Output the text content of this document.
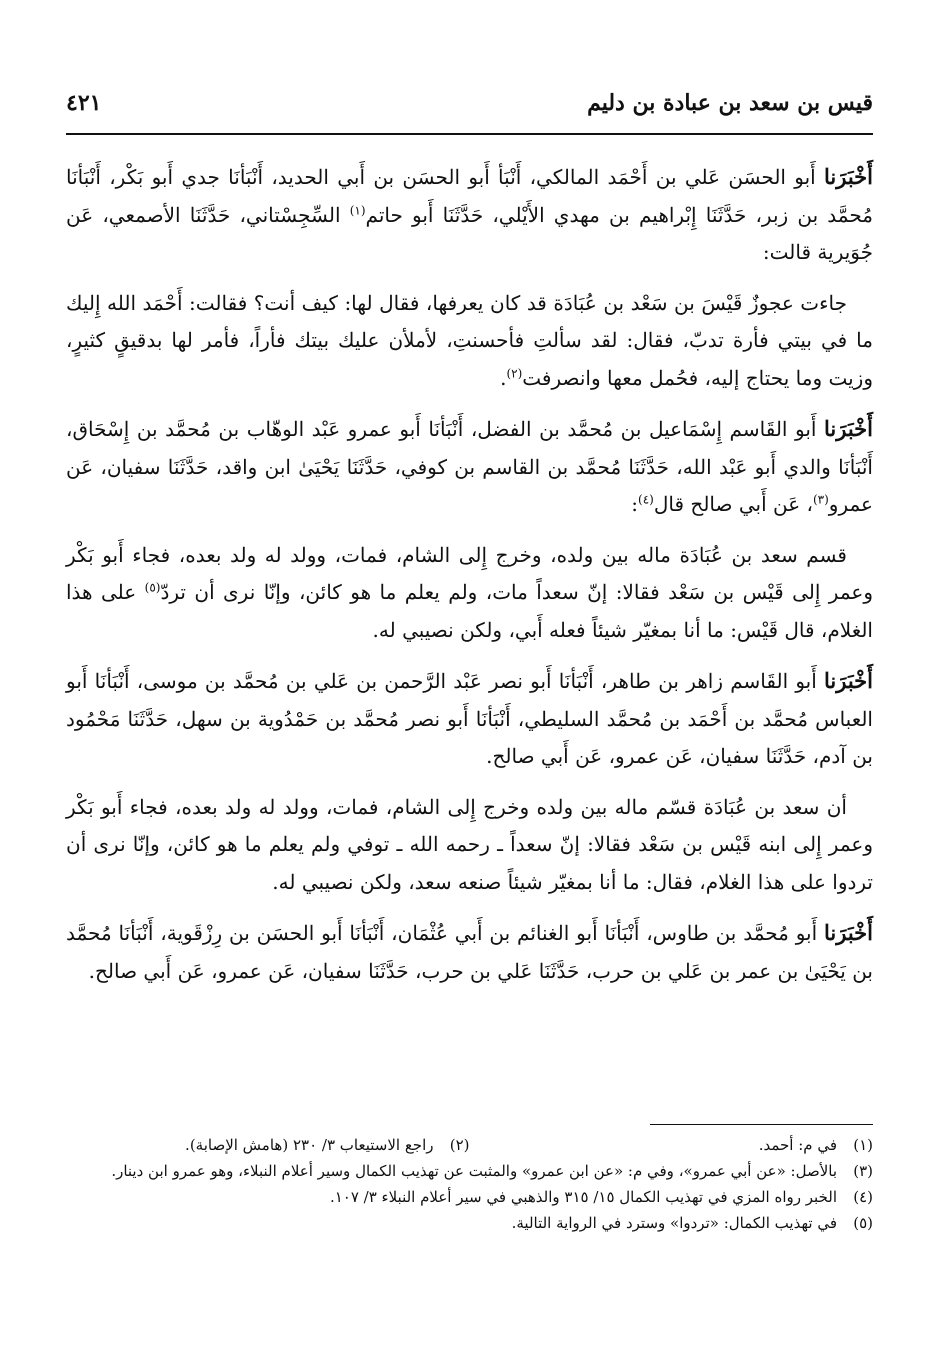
قيس بن سعد بن عبادة بن دليم
٤٢١

أَخْبَرَنا أَبو الحسَن عَلي بن أَحْمَد المالكي، أَنْبَأ أَبو الحسَن بن أَبي الحديد، أَنْبَأنَا جدي أَبو بَكْر، أَنْبَأنَا مُحمَّد بن زبر، حَدَّثَنَا إِبْراهيم بن مهدي الأَيْلي، حَدَّثَنَا أَبو حاتم$^{(١)}$ السِّجِسْتاني، حَدَّثَنَا الأصمعي، عَن جُوَيرية قالت:

جاءت عجوزٌ قَيْسَ بن سَعْد بن عُبَادَة قد كان يعرفها، فقال لها: كيف أنت؟ فقالت: أَحْمَد الله إِليك ما في بيتي فأرة تدبّ، فقال: لقد سألتِ فأحسنتِ، لأملأن عليك بيتك فأراً، فأمر لها بدقيقٍ كثيرٍ، وزيت وما يحتاج إليه، فحُمل معها وانصرفت$^{(٢)}$.

أَخْبَرَنا أَبو القَاسم إِسْمَاعيل بن مُحمَّد بن الفضل، أَنْبَأنَا أَبو عمرو عَبْد الوهّاب بن مُحمَّد بن إِسْحَاق، أَنْبَأنَا والدي أَبو عَبْد الله، حَدَّثَنَا مُحمَّد بن القاسم بن كوفي، حَدَّثَنَا يَحْيَىٰ ابن واقد، حَدَّثَنَا سفيان، عَن عمرو$^{(٣)}$، عَن أَبي صالح قال$^{(٤)}$:

قسم سعد بن عُبَادَة ماله بين ولده، وخرج إِلى الشام، فمات، وولد له ولد بعده، فجاء أَبو بَكْر وعمر إِلى قَيْس بن سَعْد فقالا: إنّ سعداً مات، ولم يعلم ما هو كائن، وإنّا نرى أن تردّ$^{(٥)}$ على هذا الغلام، قال قَيْس: ما أنا بمغيّر شيئاً فعله أَبي، ولكن نصيبي له.

أَخْبَرَنا أَبو القَاسم زاهر بن طاهر، أَنْبَأنَا أَبو نصر عَبْد الرَّحمن بن عَلي بن مُحمَّد بن موسى، أَنْبَأنَا أَبو العباس مُحمَّد بن أَحْمَد بن مُحمَّد السليطي، أَنْبَأنَا أَبو نصر مُحمَّد بن حَمْدُوية بن سهل، حَدَّثَنَا مَحْمُود بن آدم، حَدَّثَنَا سفيان، عَن عمرو، عَن أَبي صالح.

أن سعد بن عُبَادَة قسّم ماله بين ولده وخرج إِلى الشام، فمات، وولد له ولد بعده، فجاء أَبو بَكْر وعمر إِلى ابنه قَيْس بن سَعْد فقالا: إنّ سعداً ـ رحمه الله ـ توفي ولم يعلم ما هو كائن، وإنّا نرى أن تردوا على هذا الغلام، فقال: ما أنا بمغيّر شيئاً صنعه سعد، ولكن نصيبي له.

أَخْبَرَنا أَبو مُحمَّد بن طاوس، أَنْبَأنَا أَبو الغنائم بن أَبي عُثْمَان، أَنْبَأنَا أَبو الحسَن بن رِزْقَوية، أَنْبَأنَا مُحمَّد بن يَحْيَىٰ بن عمر بن عَلي بن حرب، حَدَّثَنَا عَلي بن حرب، حَدَّثَنَا سفيان، عَن عمرو، عَن أَبي صالح.

(١)
في م: أحمد.
(٢)
راجع الاستيعاب ٣/ ٢٣٠ (هامش الإصابة).
(٣)
بالأصل: «عن أبي عمرو»، وفي م: «عن ابن عمرو» والمثبت عن تهذيب الكمال وسير أعلام النبلاء، وهو عمرو ابن دينار.
(٤)
الخبر رواه المزي في تهذيب الكمال ١٥/ ٣١٥ والذهبي في سير أعلام النبلاء ٣/ ١٠٧.
(٥)
في تهذيب الكمال: «تردوا» وسترد في الرواية التالية.
